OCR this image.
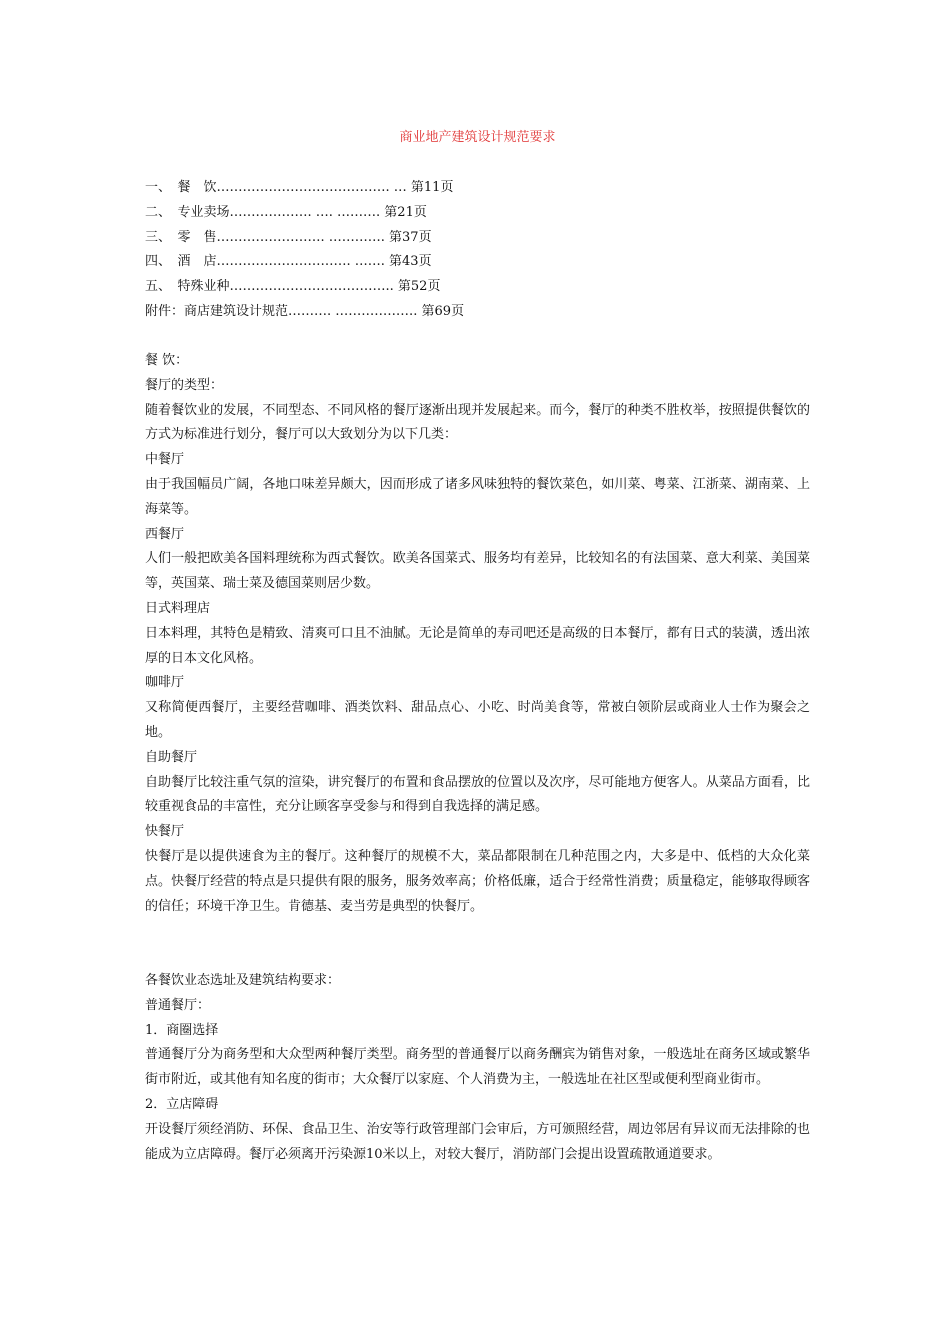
商业地产建筑设计规范要求
一、　餐　饮…………………………………. … 第11页
二、　专业卖场………………. …. ………. 第21页
三、　零　售……………………. …………. 第37页
四、　酒　店…………………………. ……. 第43页
五、　特殊业种……………………………….. 第52页
附件：商店建筑设计规范………. ………………. 第69页

餐 饮：

餐厅的类型：

随着餐饮业的发展，不同型态、不同风格的餐厅逐渐出现并发展起来。而今，餐厅的种类不胜枚举，按照提供餐饮的方式为标准进行划分，餐厅可以大致划分为以下几类：

中餐厅

由于我国幅员广阔，各地口味差异颇大，因而形成了诸多风味独特的餐饮菜色，如川菜、粤菜、江浙菜、湖南菜、上海菜等。

西餐厅

人们一般把欧美各国料理统称为西式餐饮。欧美各国菜式、服务均有差异，比较知名的有法国菜、意大利菜、美国菜等，英国菜、瑞士菜及德国菜则居少数。

日式料理店

日本料理，其特色是精致、清爽可口且不油腻。无论是简单的寿司吧还是高级的日本餐厅，都有日式的装潢，透出浓厚的日本文化风格。

咖啡厅

又称简便西餐厅，主要经营咖啡、酒类饮料、甜品点心、小吃、时尚美食等，常被白领阶层或商业人士作为聚会之地。

自助餐厅

自助餐厅比较注重气氛的渲染，讲究餐厅的布置和食品摆放的位置以及次序，尽可能地方便客人。从菜品方面看，比较重视食品的丰富性，充分让顾客享受参与和得到自我选择的满足感。

快餐厅

快餐厅是以提供速食为主的餐厅。这种餐厅的规模不大，菜品都限制在几种范围之内，大多是中、低档的大众化菜点。快餐厅经营的特点是只提供有限的服务，服务效率高；价格低廉，适合于经常性消费；质量稳定，能够取得顾客的信任；环境干净卫生。肯德基、麦当劳是典型的快餐厅。

各餐饮业态选址及建筑结构要求：

普通餐厅：

1．商圈选择

普通餐厅分为商务型和大众型两种餐厅类型。商务型的普通餐厅以商务酬宾为销售对象，一般选址在商务区域或繁华街市附近，或其他有知名度的街市；大众餐厅以家庭、个人消费为主，一般选址在社区型或便利型商业街市。

2．立店障碍

开设餐厅须经消防、环保、食品卫生、治安等行政管理部门会审后，方可颁照经营，周边邻居有异议而无法排除的也能成为立店障碍。餐厅必须离开污染源10米以上，对较大餐厅，消防部门会提出设置疏散通道要求。
